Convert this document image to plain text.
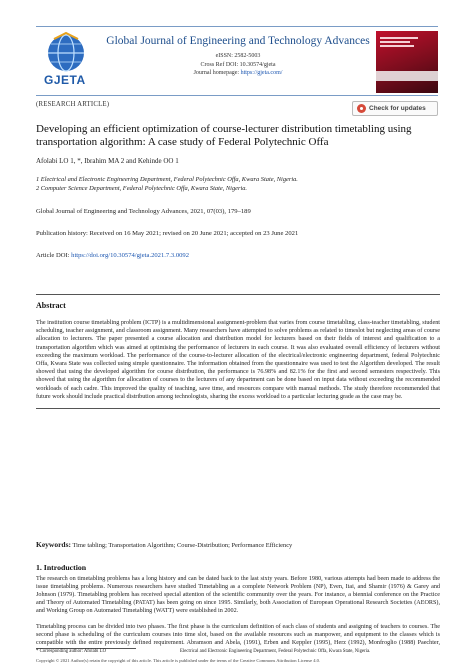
GJETA
Global Journal of Engineering and Technology Advances
eISSN: 2582-5003
Cross Ref DOI: 10.30574/gjeta
Journal homepage: https://gjeta.com/
(RESEARCH ARTICLE)
Check for updates
Developing an efficient optimization of course-lecturer distribution timetabling using transportation algorithm: A case study of Federal Polytechnic Offa
Afolabi LO 1, *, Ibrahim MA 2 and Kehinde OO 1
1 Electrical and Electronic Engineering Department, Federal Polytechnic Offa, Kwara State, Nigeria.
2 Computer Science Department, Federal Polytechnic Offa, Kwara State, Nigeria.
Global Journal of Engineering and Technology Advances, 2021, 07(03), 179–189
Publication history: Received on 16 May 2021; revised on 20 June 2021; accepted on 23 June 2021
Article DOI: https://doi.org/10.30574/gjeta.2021.7.3.0092
Abstract
The institution course timetabling problem (ICTP) is a multidimensional assignment-problem that varies from course timetabling, class-teacher timetabling, student scheduling, teacher assignment, and classroom assignment. Many researchers have attempted to solve problems as related to timeslot but neglecting areas of course allocation to lecturers. The paper presented a course allocation and distribution model for lecturers based on their fields of interest and qualification to a transportation algorithm which was aimed at optimising the performance of lecturers in each course. It was also evaluated overall efficiency of lecturers without exceeding the maximum workload. The performance of the course-to-lecturer allocation of the electrical/electronic engineering department, federal Polytechnic Offa, Kwara State was collected using simple questionnaire. The information obtained from the questionnaire was used to test the Algorithm developed. The result showed that using the developed algorithm for course distribution, the performance is 76.98% and 82.1% for the first and second semesters respectively. This showed that using the algorithm for allocation of courses to the lecturers of any department can be done based on input data without exceeding the recommended workloads of each cadre. This improved the quality of teaching, save time, and resources compare with manual methods. The study therefore recommended that future work should include practical distribution among technologists, sharing the excess workload to a particular lecturing grade as the case may be.
Keywords: Time tabling; Transportation Algorithm; Course-Distribution; Performance Efficiency
1. Introduction
The research on timetabling problems has a long history and can be dated back to the last sixty years. Before 1980, various attempts had been made to address the issue timetabling problems. Numerous researchers have studied Timetabling as a complete Network Problem (NP), Even, Itai, and Shamir (1976) & Garey and Johnson (1979). Timetabling problem has received special attention of the scientific community over the years. For instance, a biennial conference on the Practice and Theory of Automated Timetabling (PATAT) has been going on since 1995. Similarly, both Association of European Operational Research Societies (AEORS), and Working Group on Automated Timetabling (WATT) were established in 2002.
Timetabling process can be divided into two phases. The first phase is the curriculum definition of each class of students and assigning of teachers to courses. The second phase is scheduling of the curriculum courses into time slot, based on the available resources such as manpower, and equipment to the classes which is compatible with the entire previously defined requirement. Abramson and Abela, (1991), Erben and Keppler (1995), Herz (1992), Monfroglio (1988) Paechter,
* Corresponding author: Afolabi LO	Electrical and Electronic Engineering Department, Federal Polytechnic Offa, Kwara State, Nigeria.
Copyright © 2021 Author(s) retain the copyright of this article. This article is published under the terms of the Creative Commons Attribution License 4.0.
